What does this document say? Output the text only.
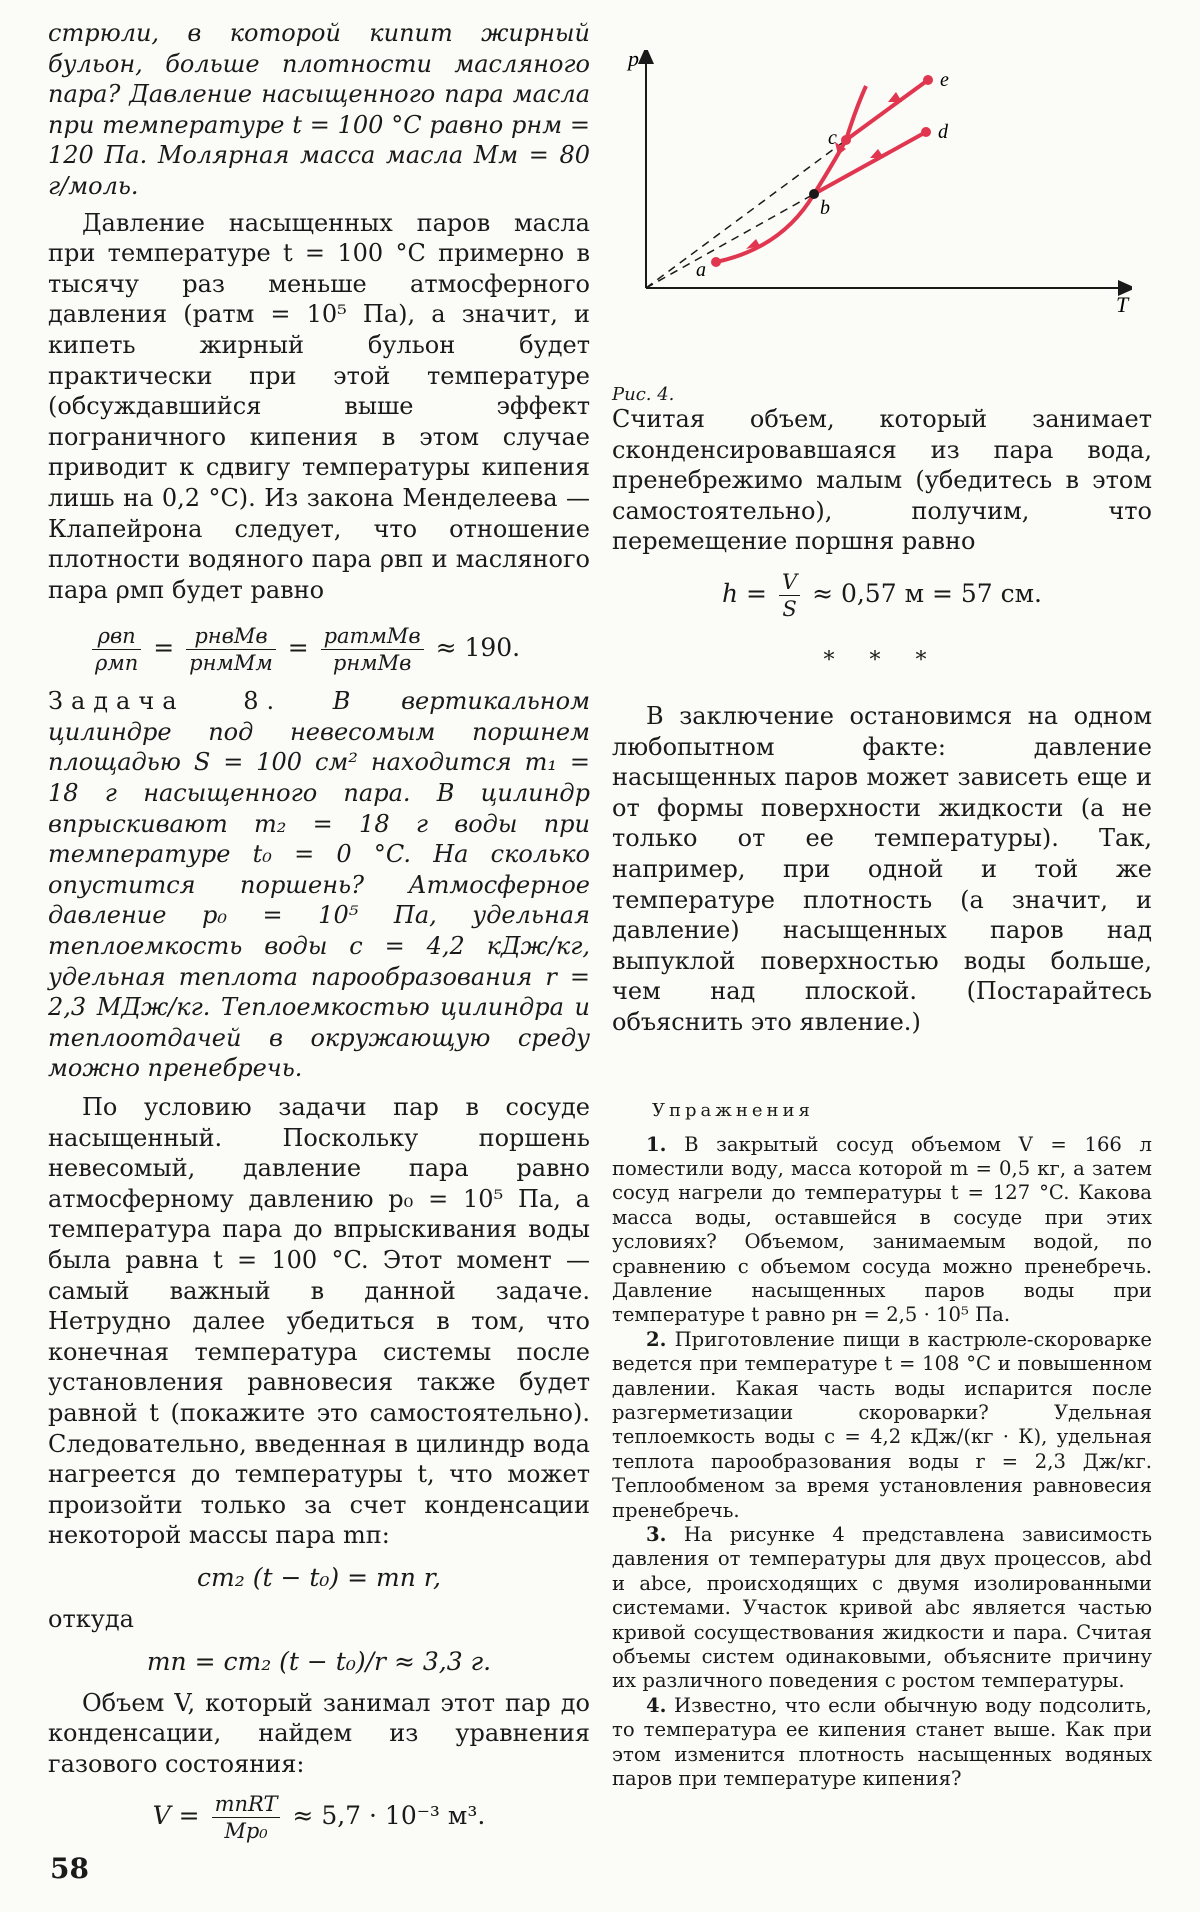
стрюли, в которой кипит жирный бульон, больше плотности масляного пара? Давление насыщенного пара масла при температуре t = 100 °C равно pнм = 120 Па. Молярная масса масла Mм = 80 г/моль.

Давление насыщенных паров масла при температуре t = 100 °C примерно в тысячу раз меньше атмосферного давления (pатм = 10⁵ Па), а значит, и кипеть жирный бульон будет практически при этой температуре (обсуждавшийся выше эффект пограничного кипения в этом случае приводит к сдвигу температуры кипения лишь на 0,2 °C). Из закона Менделеева — Клапейрона следует, что отношение плотности водяного пара ρвп и масляного пара ρмп будет равно

$\frac{\text{ρвп}}{\text{ρмп}} = \frac{\text{pнвMв}}{\text{pнмMм}} = \frac{\text{pатмMв}}{\text{pнмMв}} \approx 190$.

Задача 8. В вертикальном цилиндре под невесомым поршнем площадью S = 100 см² находится m₁ = 18 г насыщенного пара. В цилиндр впрыскивают m₂ = 18 г воды при температуре t₀ = 0 °C. На сколько опустится поршень? Атмосферное давление p₀ = 10⁵ Па, удельная теплоемкость воды c = 4,2 кДж/кг, удельная теплота парообразования r = 2,3 МДж/кг. Теплоемкостью цилиндра и теплоотдачей в окружающую среду можно пренебречь.

По условию задачи пар в сосуде насыщенный. Поскольку поршень невесомый, давление пара равно атмосферному давлению p₀ = 10⁵ Па, а температура пара до впрыскивания воды была равна t = 100 °C. Этот момент — самый важный в данной задаче. Нетрудно далее убедиться в том, что конечная температура системы после установления равновесия также будет равной t (покажите это самостоятельно). Следовательно, введенная в цилиндр вода нагреется до температуры t, что может произойти только за счет конденсации некоторой массы пара mп:

cm₂ (t − t₀) = mп r,

откуда

mп = cm₂ (t − t₀)/r ≈ 3,3 г.

Объем V, который занимал этот пар до конденсации, найдем из уравнения газового состояния:

$V = \frac{\text{mпRT}}{\text{Mp₀}} \approx 5,7 \cdot 10^{-3}$ м³.
p
T
a
b
c	d
e

Рис. 4.

Считая объем, который занимает сконденсировавшаяся из пара вода, пренебрежимо малым (убедитесь в этом самостоятельно), получим, что перемещение поршня равно

$h = \frac{V}{S} \approx 0,57$ м = 57 см.
* * *

В заключение остановимся на одном любопытном факте: давление насыщенных паров может зависеть еще и от формы поверхности жидкости (а не только от ее температуры). Так, например, при одной и той же температуре плотность (а значит, и давление) насыщенных паров над выпуклой поверхностью воды больше, чем над плоской. (Постарайтесь объяснить это явление.)

Упражнения

1. В закрытый сосуд объемом V = 166 л поместили воду, масса которой m = 0,5 кг, а затем сосуд нагрели до температуры t = 127 °C. Какова масса воды, оставшейся в сосуде при этих условиях? Объемом, занимаемым водой, по сравнению с объемом сосуда можно пренебречь. Давление насыщенных паров воды при температуре t равно pн = 2,5 · 10⁵ Па.

2. Приготовление пищи в кастрюле-скороварке ведется при температуре t = 108 °C и повышенном давлении. Какая часть воды испарится после разгерметизации скороварки? Удельная теплоемкость воды c = 4,2 кДж/(кг · К), удельная теплота парообразования воды r = 2,3 Дж/кг. Теплообменом за время установления равновесия пренебречь.

3. На рисунке 4 представлена зависимость давления от температуры для двух процессов, abd и abce, происходящих с двумя изолированными системами. Участок кривой abc является частью кривой сосуществования жидкости и пара. Считая объемы систем одинаковыми, объясните причину их различного поведения с ростом температуры.

4. Известно, что если обычную воду подсолить, то температура ее кипения станет выше. Как при этом изменится плотность насыщенных водяных паров при температуре кипения?

58
